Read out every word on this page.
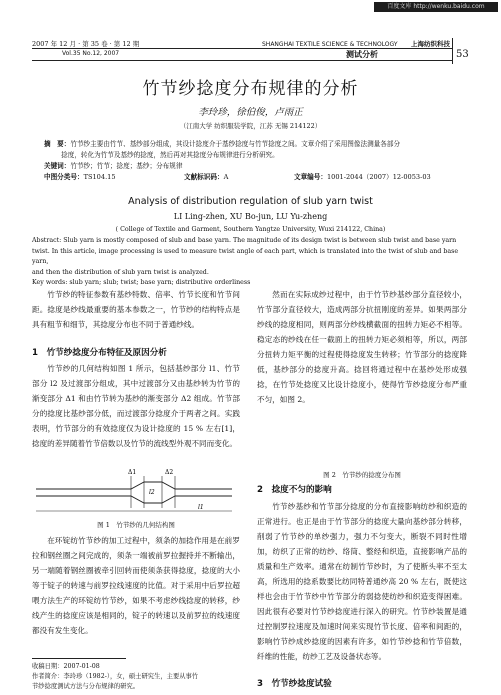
百度文库 http://wenku.baidu.com
2007 年 12 月 · 第 35 卷 · 第 12 期
Vol.35 No.12, 2007
SHANGHAI TEXTILE SCIENCE & TECHNOLOGY 上海纺织科技
测试分析	53
竹节纱捻度分布规律的分析
李玲珍，徐伯俊，卢雨正
（江南大学 纺织服装学院，江苏 无锡 214122）
摘　要：竹节纱主要由竹节、基纱部分组成，其设计捻度介于基纱捻度与竹节捻度之间。文章介绍了采用图像法测量各部分
捻度，转化为竹节及基纱的捻度，然后再对其捻度分布规律进行分析研究。
关键词：竹节纱；竹节；捻度；基纱；分布规律
中图分类号：TS104.15	文献标识码：A	文章编号：1001-2044（2007）12-0053-03
Analysis of distribution regulation of slub yarn twist
LI Ling-zhen, XU Bo-jun, LU Yu-zheng
( College of Textile and Garment, Southern Yangtze University, Wuxi 214122, China)
Abstract: Slub yarn is mostly composed of slub and base yarn. The magnitude of its design twist is between slub twist and base yarn
twist. In this article, image processing is used to measure twist angle of each part, which is translated into the twist of slub and base yarn,
and then the distribution of slub yarn twist is analyzed.
Key words: slub yarn; slub; twist; base yarn; distributive orderliness

竹节纱的特征参数有基纱特数、倍率、竹节长度和竹节间距。捻度是纱线最重要的基本参数之一，竹节纱的结构特点是具有粗节和细节，其捻度分布也不同于普通纱线。

1　竹节纱捻度分布特征及原因分析

竹节纱的几何结构如图 1 所示，包括基纱部分 l1、竹节部分 l2 及过渡部分组成，其中过渡部分又由基纱转为竹节的渐变部分 Δ1 和由竹节转为基纱的渐变部分 Δ2 组成。竹节部分的捻度比基纱部分低，而过渡部分捻度介于两者之间。实践表明，竹节部分的有效捻度仅为设计捻度的 15 % 左右[1]，捻度的差异随着竹节倍数以及竹节的流线型外观不同而变化。

Δ1	Δ2
l2
l1
图 1　竹节纱的几何结构图

在环锭纺竹节纱的加工过程中，须条的加捻作用是在前罗拉和钢丝圈之间完成的，须条一端被前罗拉握持并不断输出，另一端随着钢丝圈被牵引回转而使须条获得捻度，捻度的大小等于锭子的转速与前罗拉线速度的比值。对于采用中后罗拉超喂方法生产的环锭纺竹节纱，如果不考虑纱线捻度的转移，纱线产生的捻度应该是相同的，锭子的转速以及前罗拉的线速度都没有发生变化。

收稿日期：2007-01-08
作者简介：李玲珍（1982-），女，硕士研究生，主要从事竹
节纱捻度测试方法与分布规律的研究。

然而在实际成纱过程中，由于竹节纱基纱部分直径较小，竹节部分直径较大，造成两部分抗扭刚度的差异。如果两部分纱线的捻度相同，则两部分纱线横截面的扭转力矩必不相等。稳定态的纱线在任一截面上的扭转力矩必须相等，所以，两部分扭转力矩平衡的过程使得捻度发生转移；竹节部分的捻度降低，基纱部分的捻度升高。捻回将通过程中在基纱处形成强捻，在竹节处捻度又比设计捻度小，使得竹节纱捻度分布严重不匀，如图 2。

图 2　竹节纱的捻度分布图
2　捻度不匀的影响

竹节纱基纱和竹节部分捻度的分布直接影响纺纱和织造的正常进行。也正是由于竹节部分的捻度大量向基纱部分转移，削弱了竹节纱的单纱强力，强力不匀变大，断裂不同时性增加，纺织了正常的纺纱、络筒、整经和织造，直接影响产品的质量和生产效率。通常在纺制竹节纱时，为了使断头率不至太高，所选用的捻系数要比纺同特普通纱高 20 % 左右，既使这样也会由于竹节纱中竹节部分的弱捻使纺纱和织造变得困难。因此很有必要对竹节纱捻度进行深入的研究。竹节纱装置是通过控制罗拉速度及加速时间来实现竹节长度、倍率和间距的，影响竹节纱成纱捻度的因素有许多，如竹节纱捻和竹节倍数，纤维的性能，纺纱工艺及设备状态等。

3　竹节纱捻度试验
